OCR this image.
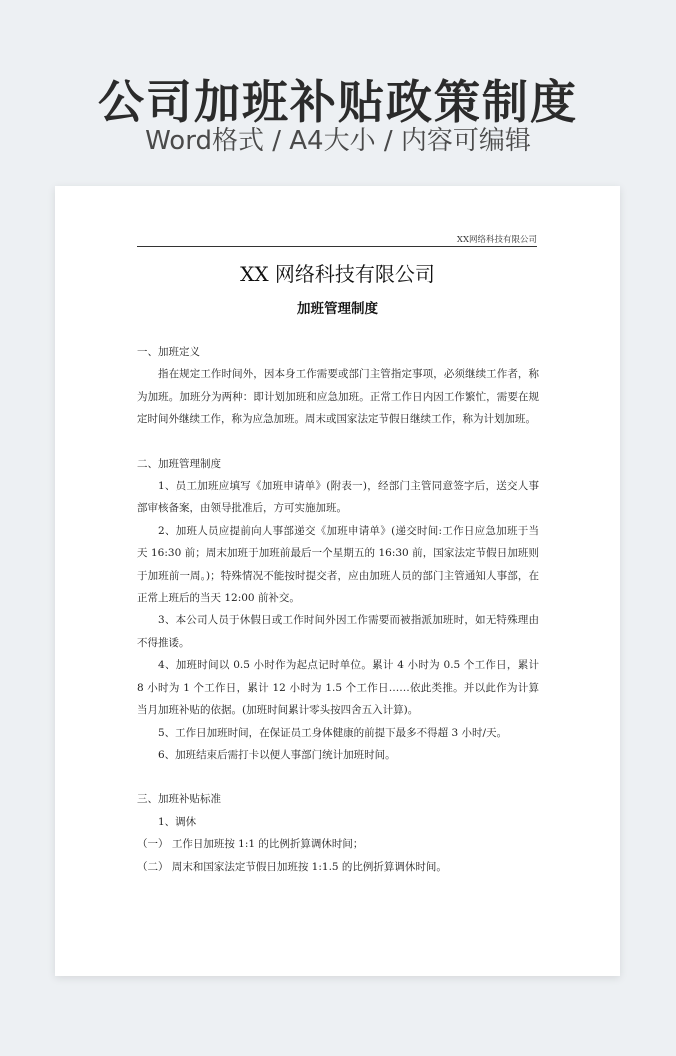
公司加班补贴政策制度
Word格式 / A4大小 / 内容可编辑
XX网络科技有限公司
XX 网络科技有限公司
加班管理制度

一、加班定义

指在规定工作时间外，因本身工作需要或部门主管指定事项，必须继续工作者，称为加班。加班分为两种：即计划加班和应急加班。正常工作日内因工作繁忙，需要在规定时间外继续工作，称为应急加班。周末或国家法定节假日继续工作，称为计划加班。

二、加班管理制度

1、员工加班应填写《加班申请单》(附表一)，经部门主管同意签字后，送交人事部审核备案，由领导批准后，方可实施加班。

2、加班人员应提前向人事部递交《加班申请单》(递交时间:工作日应急加班于当天 16:30 前；周末加班于加班前最后一个星期五的 16:30 前，国家法定节假日加班则于加班前一周。)；特殊情况不能按时提交者，应由加班人员的部门主管通知人事部，在正常上班后的当天 12:00 前补交。

3、本公司人员于休假日或工作时间外因工作需要而被指派加班时，如无特殊理由不得推诿。

4、加班时间以 0.5 小时作为起点记时单位。累计 4 小时为 0.5 个工作日，累计 8 小时为 1 个工作日，累计 12 小时为 1.5 个工作日……依此类推。并以此作为计算当月加班补贴的依据。(加班时间累计零头按四舍五入计算)。

5、工作日加班时间，在保证员工身体健康的前提下最多不得超 3 小时/天。

6、加班结束后需打卡以便人事部门统计加班时间。

三、加班补贴标准

1、调休

（一） 工作日加班按 1:1 的比例折算调休时间；

（二） 周末和国家法定节假日加班按 1:1.5 的比例折算调休时间。
